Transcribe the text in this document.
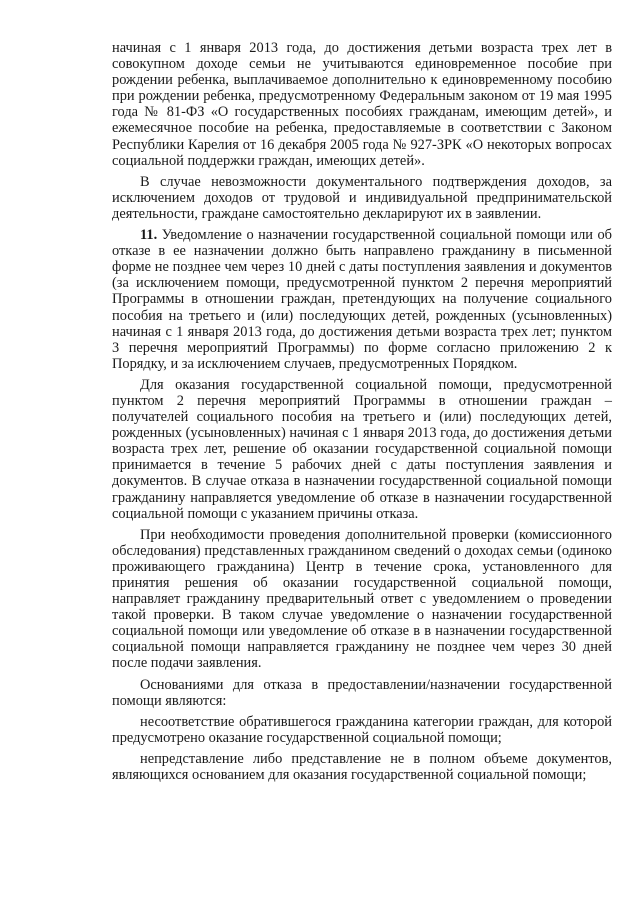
начиная с 1 января 2013 года, до достижения детьми возраста трех лет в совокупном доходе семьи не учитываются единовременное пособие при рождении ребенка, выплачиваемое дополнительно к единовременному пособию при рождении ребенка, предусмотренному Федеральным законом от 19 мая 1995 года № 81-ФЗ «О государственных пособиях гражданам, имеющим детей», и ежемесячное пособие на ребенка, предоставляемые в соответствии с Законом Республики Карелия от 16 декабря 2005 года № 927-ЗРК «О некоторых вопросах социальной поддержки граждан, имеющих детей».

В случае невозможности документального подтверждения доходов, за исключением доходов от трудовой и индивидуальной предпринимательской деятельности, граждане самостоятельно декларируют их в заявлении.

11. Уведомление о назначении государственной социальной помощи или об отказе в ее назначении должно быть направлено гражданину в письменной форме не позднее чем через 10 дней с даты поступления заявления и документов (за исключением помощи, предусмотренной пунктом 2 перечня мероприятий Программы в отношении граждан, претендующих на получение социального пособия на третьего и (или) последующих детей, рожденных (усыновленных) начиная с 1 января 2013 года, до достижения детьми возраста трех лет; пунктом 3 перечня мероприятий Программы) по форме согласно приложению 2 к Порядку, и за исключением случаев, предусмотренных Порядком.

Для оказания государственной социальной помощи, предусмотренной пунктом 2 перечня мероприятий Программы в отношении граждан – получателей социального пособия на третьего и (или) последующих детей, рожденных (усыновленных) начиная с 1 января 2013 года, до достижения детьми возраста трех лет, решение об оказании государственной социальной помощи принимается в течение 5 рабочих дней с даты поступления заявления и документов. В случае отказа в назначении государственной социальной помощи гражданину направляется уведомление об отказе в назначении государственной социальной помощи с указанием причины отказа.

При необходимости проведения дополнительной проверки (комиссионного обследования) представленных гражданином сведений о доходах семьи (одиноко проживающего гражданина) Центр в течение срока, установленного для принятия решения об оказании государственной социальной помощи, направляет гражданину предварительный ответ с уведомлением о проведении такой проверки. В таком случае уведомление о назначении государственной социальной помощи или уведомление об отказе в в назначении государственной социальной помощи направляется гражданину не позднее чем через 30 дней после подачи заявления.

Основаниями для отказа в предоставлении/назначении государственной помощи являются:

несоответствие обратившегося гражданина категории граждан, для которой предусмотрено оказание государственной социальной помощи;

непредставление либо представление не в полном объеме документов, являющихся основанием для оказания государственной социальной помощи;
